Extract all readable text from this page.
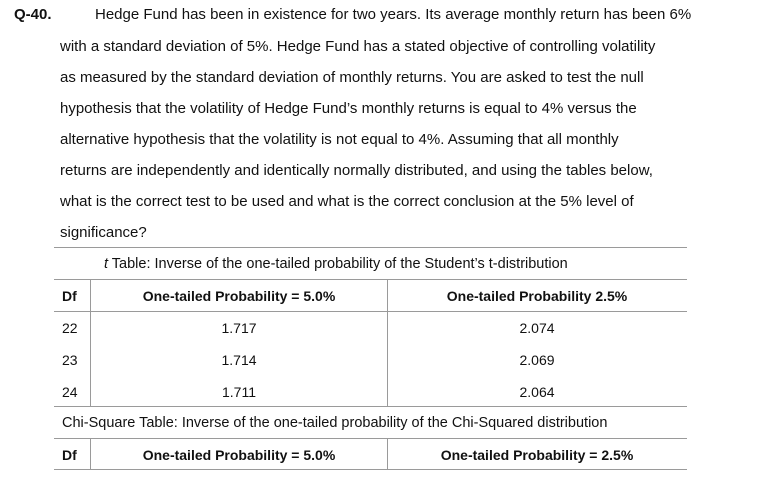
Q-40.	Hedge Fund has been in existence for two years. Its average monthly return has been 6%

with a standard deviation of 5%. Hedge Fund has a stated objective of controlling volatility

as measured by the standard deviation of monthly returns. You are asked to test the null

hypothesis that the volatility of Hedge Fund’s monthly returns is equal to 4% versus the

alternative hypothesis that the volatility is not equal to 4%. Assuming that all monthly

returns are independently and identically normally distributed, and using the tables below,

what is the correct test to be used and what is the correct conclusion at the 5% level of

significance?

t Table: Inverse of the one-tailed probability of the Student’s t-distribution

Df	One-tailed Probability = 5.0%	One-tailed Probability 2.5%

22	1.717	2.074

23	1.714	2.069

24	1.711	2.064

Chi-Square Table: Inverse of the one-tailed probability of the Chi-Squared distribution

Df	One-tailed Probability = 5.0%	One-tailed Probability = 2.5%
